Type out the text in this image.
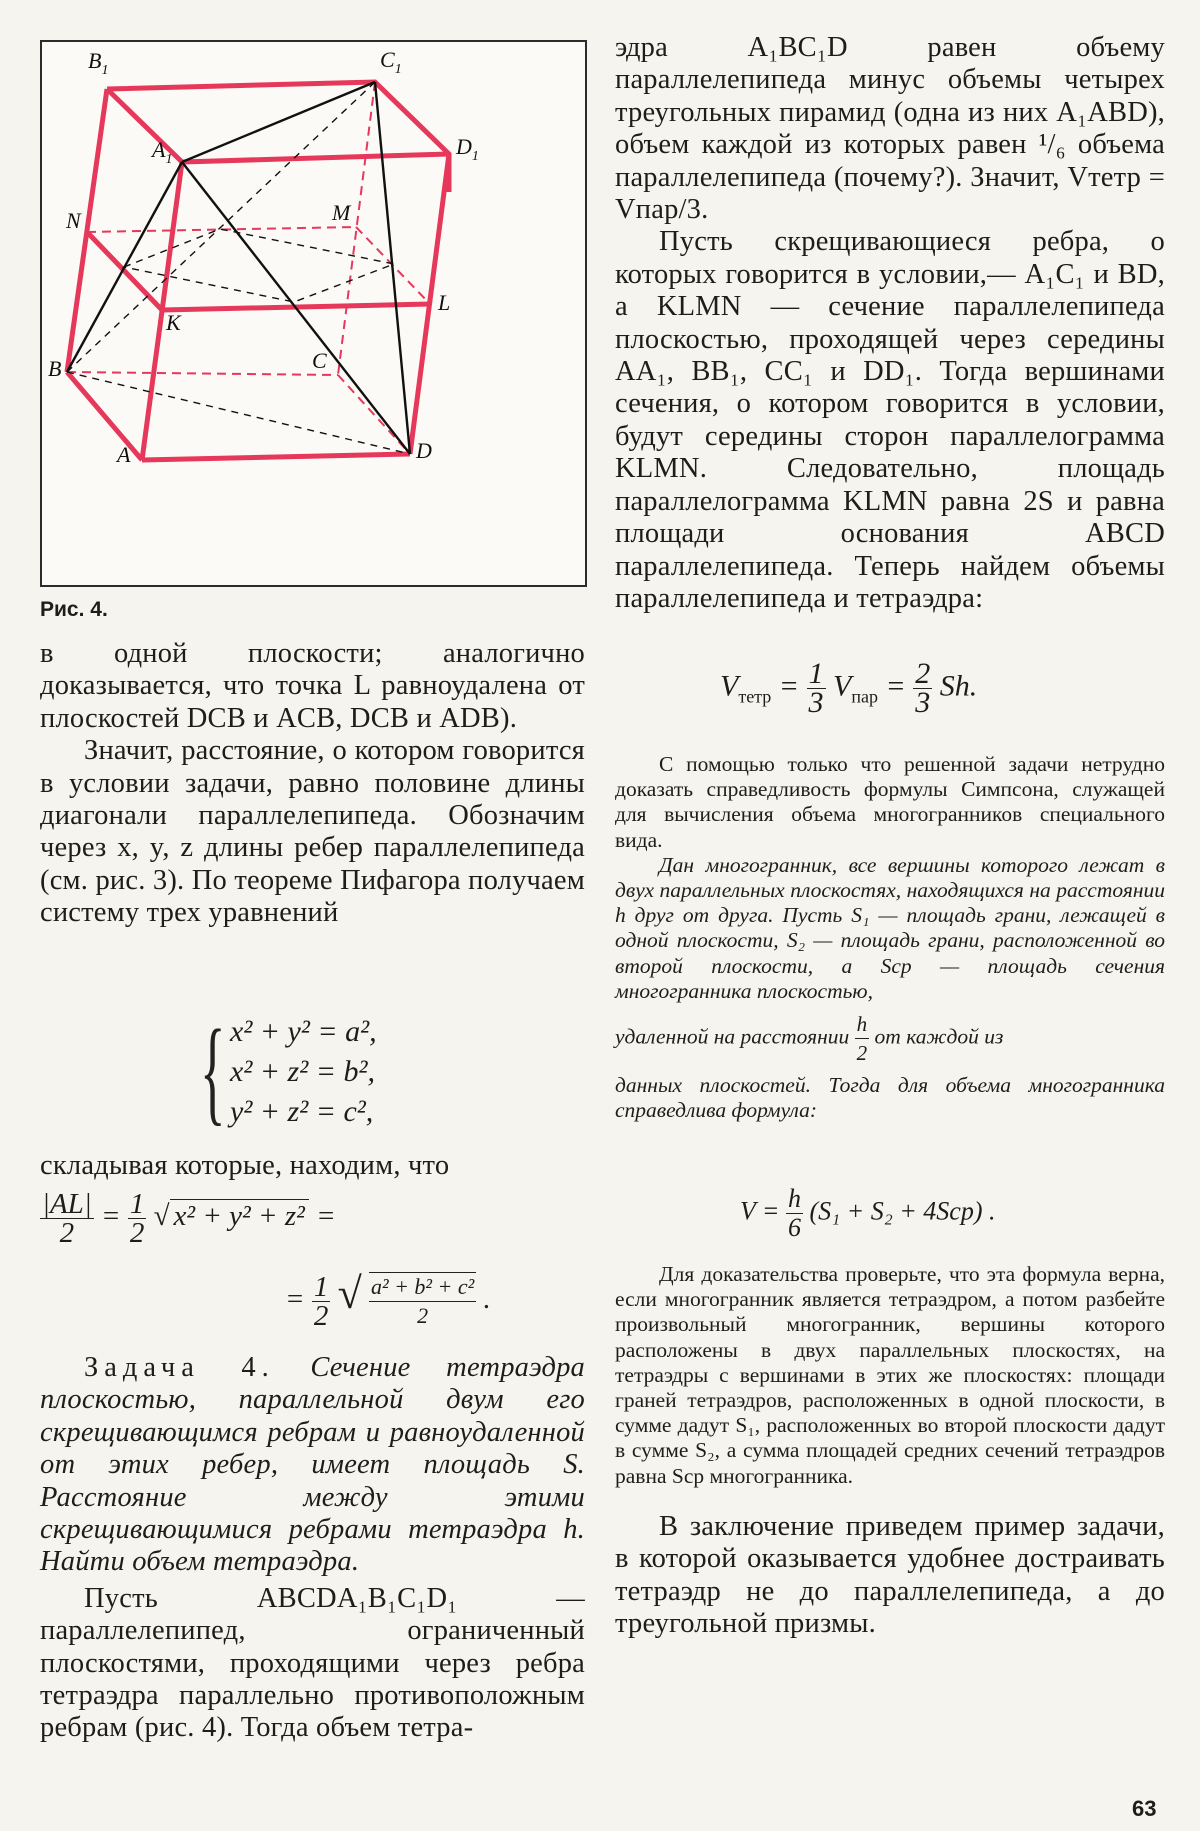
$B_1$	$C_1$
$A_1$
$D_1$
N	M
K
L
B	C
A	D
Рис. 4.

в одной плоскости; аналогично доказывается, что точка L равноудалена от плоскостей DCB и ACB, DCB и ADB).

Значит, расстояние, о котором говорится в условии задачи, равно половине длины диагонали параллелепипеда. Обозначим через x, y, z длины ребер параллелепипеда (см. рис. 3). По теореме Пифагора получаем систему трех уравнений

{ x² + y² = a²,
x² + z² = b²,
y² + z² = c²,

складывая которые, находим, что

$\frac{|AL|}{2} = \frac{1}{2}$ √ x² + y² + z² =
= $\frac{1}{2}$ √ $\frac{\text{a² + b² + c²}}{2}$ .

Задача 4. Сечение тетраэдра плоскостью, параллельной двум его скрещивающимся ребрам и равноудаленной от этих ребер, имеет площадь S. Расстояние между этими скрещивающимися ребрами тетраэдра h. Найти объем тетраэдра.

Пусть ABCDA₁B₁C₁D₁ — параллелепипед, ограниченный плоскостями, проходящими через ребра тетраэдра параллельно противоположным ребрам (рис. 4). Тогда объем тетра-

эдра A₁BC₁D равен объему параллелепипеда минус объемы четырех треугольных пирамид (одна из них A₁ABD), объем каждой из которых равен ¹/₆ объема параллелепипеда (почему?). Значит, Vтетр = Vпар/3.

Пусть скрещивающиеся ребра, о которых говорится в условии,— A₁C₁ и BD, а KLMN — сечение параллелепипеда плоскостью, проходящей через середины AA₁, BB₁, CC₁ и DD₁. Тогда вершинами сечения, о котором говорится в условии, будут середины сторон параллелограмма KLMN. Следовательно, площадь параллелограмма KLMN равна 2S и равна площади основания ABCD параллелепипеда. Теперь найдем объемы параллелепипеда и тетраэдра:

$V_{тетр} = \frac{1}{3} V_{пар} = \frac{2}{3} Sh$.

С помощью только что решенной задачи нетрудно доказать справедливость формулы Симпсона, служащей для вычисления объема многогранников специального вида.

Дан многогранник, все вершины которого лежат в двух параллельных плоскостях, находящихся на расстоянии h друг от друга. Пусть S₁ — площадь грани, лежащей в одной плоскости, S₂ — площадь грани, расположенной во второй плоскости, а Sср — площадь сечения многогранника плоскостью,

удаленной на расстоянии $\frac{h}{2}$ от каждой из

данных плоскостей. Тогда для объема многогранника справедлива формула:

$V = \frac{h}{6} (S_1 + S_2 + 4Sср)$ .

Для доказательства проверьте, что эта формула верна, если многогранник является тетраэдром, а потом разбейте произвольный многогранник, вершины которого расположены в двух параллельных плоскостях, на тетраэдры с вершинами в этих же плоскостях: площади граней тетраэдров, расположенных в одной плоскости, в сумме дадут S₁, расположенных во второй плоскости дадут в сумме S₂, а сумма площадей средних сечений тетраэдров равна Sср многогранника.

В заключение приведем пример задачи, в которой оказывается удобнее достраивать тетраэдр не до параллелепипеда, а до треугольной призмы.

63
